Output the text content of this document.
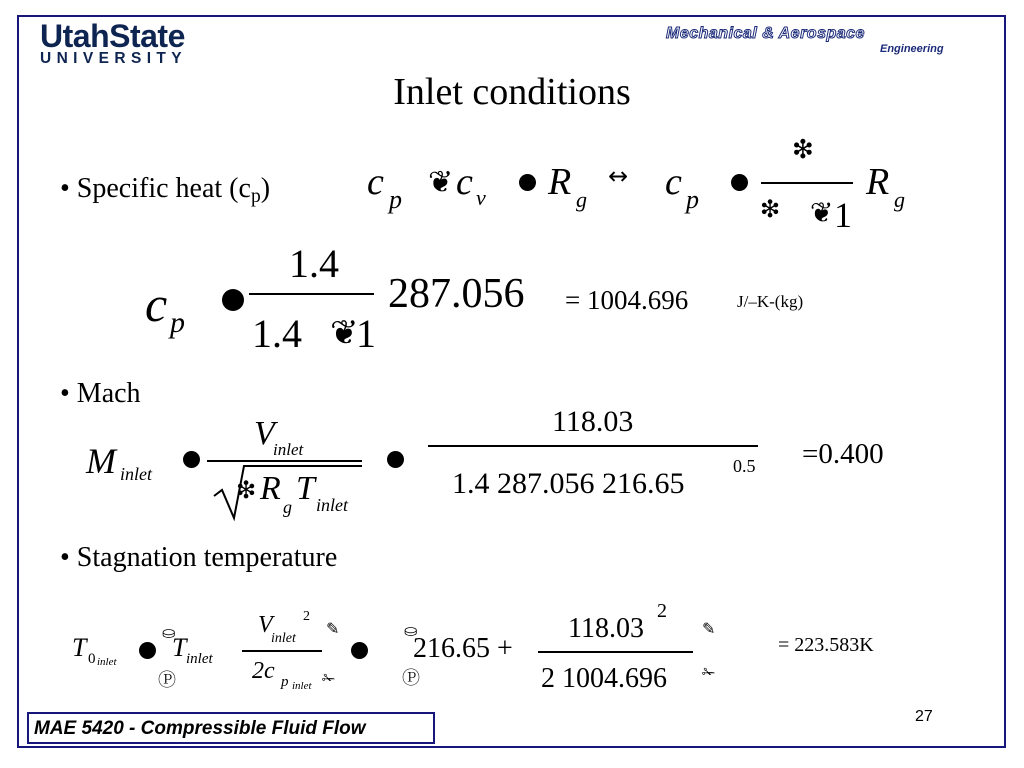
UtahState
UNIVERSITY
Mechanical & Aerospace
Engineering
Inlet conditions
• Specific heat $(c_p)$	c p ❦ c v R g
↔ c p
❇
❇ ❦ 1
R g
c p
1.4
1.4 ❦
1
287.056 = 1004.696	J/–K-(kg)
• Mach
M inlet
V
inlet
❇ R g T inlet
118.03
1.4 287.056 216.65
0.5 =0.400
• Stagnation temperature
T 0 inlet T inlet
V
inlet
2
2c p inlet
⛀
Ⓟ
✎
✁
⛀
Ⓟ
216.65 +
118.03
2
2 1004.696
✎
✁
= 223.583K
MAE 5420 - Compressible Fluid Flow
27
